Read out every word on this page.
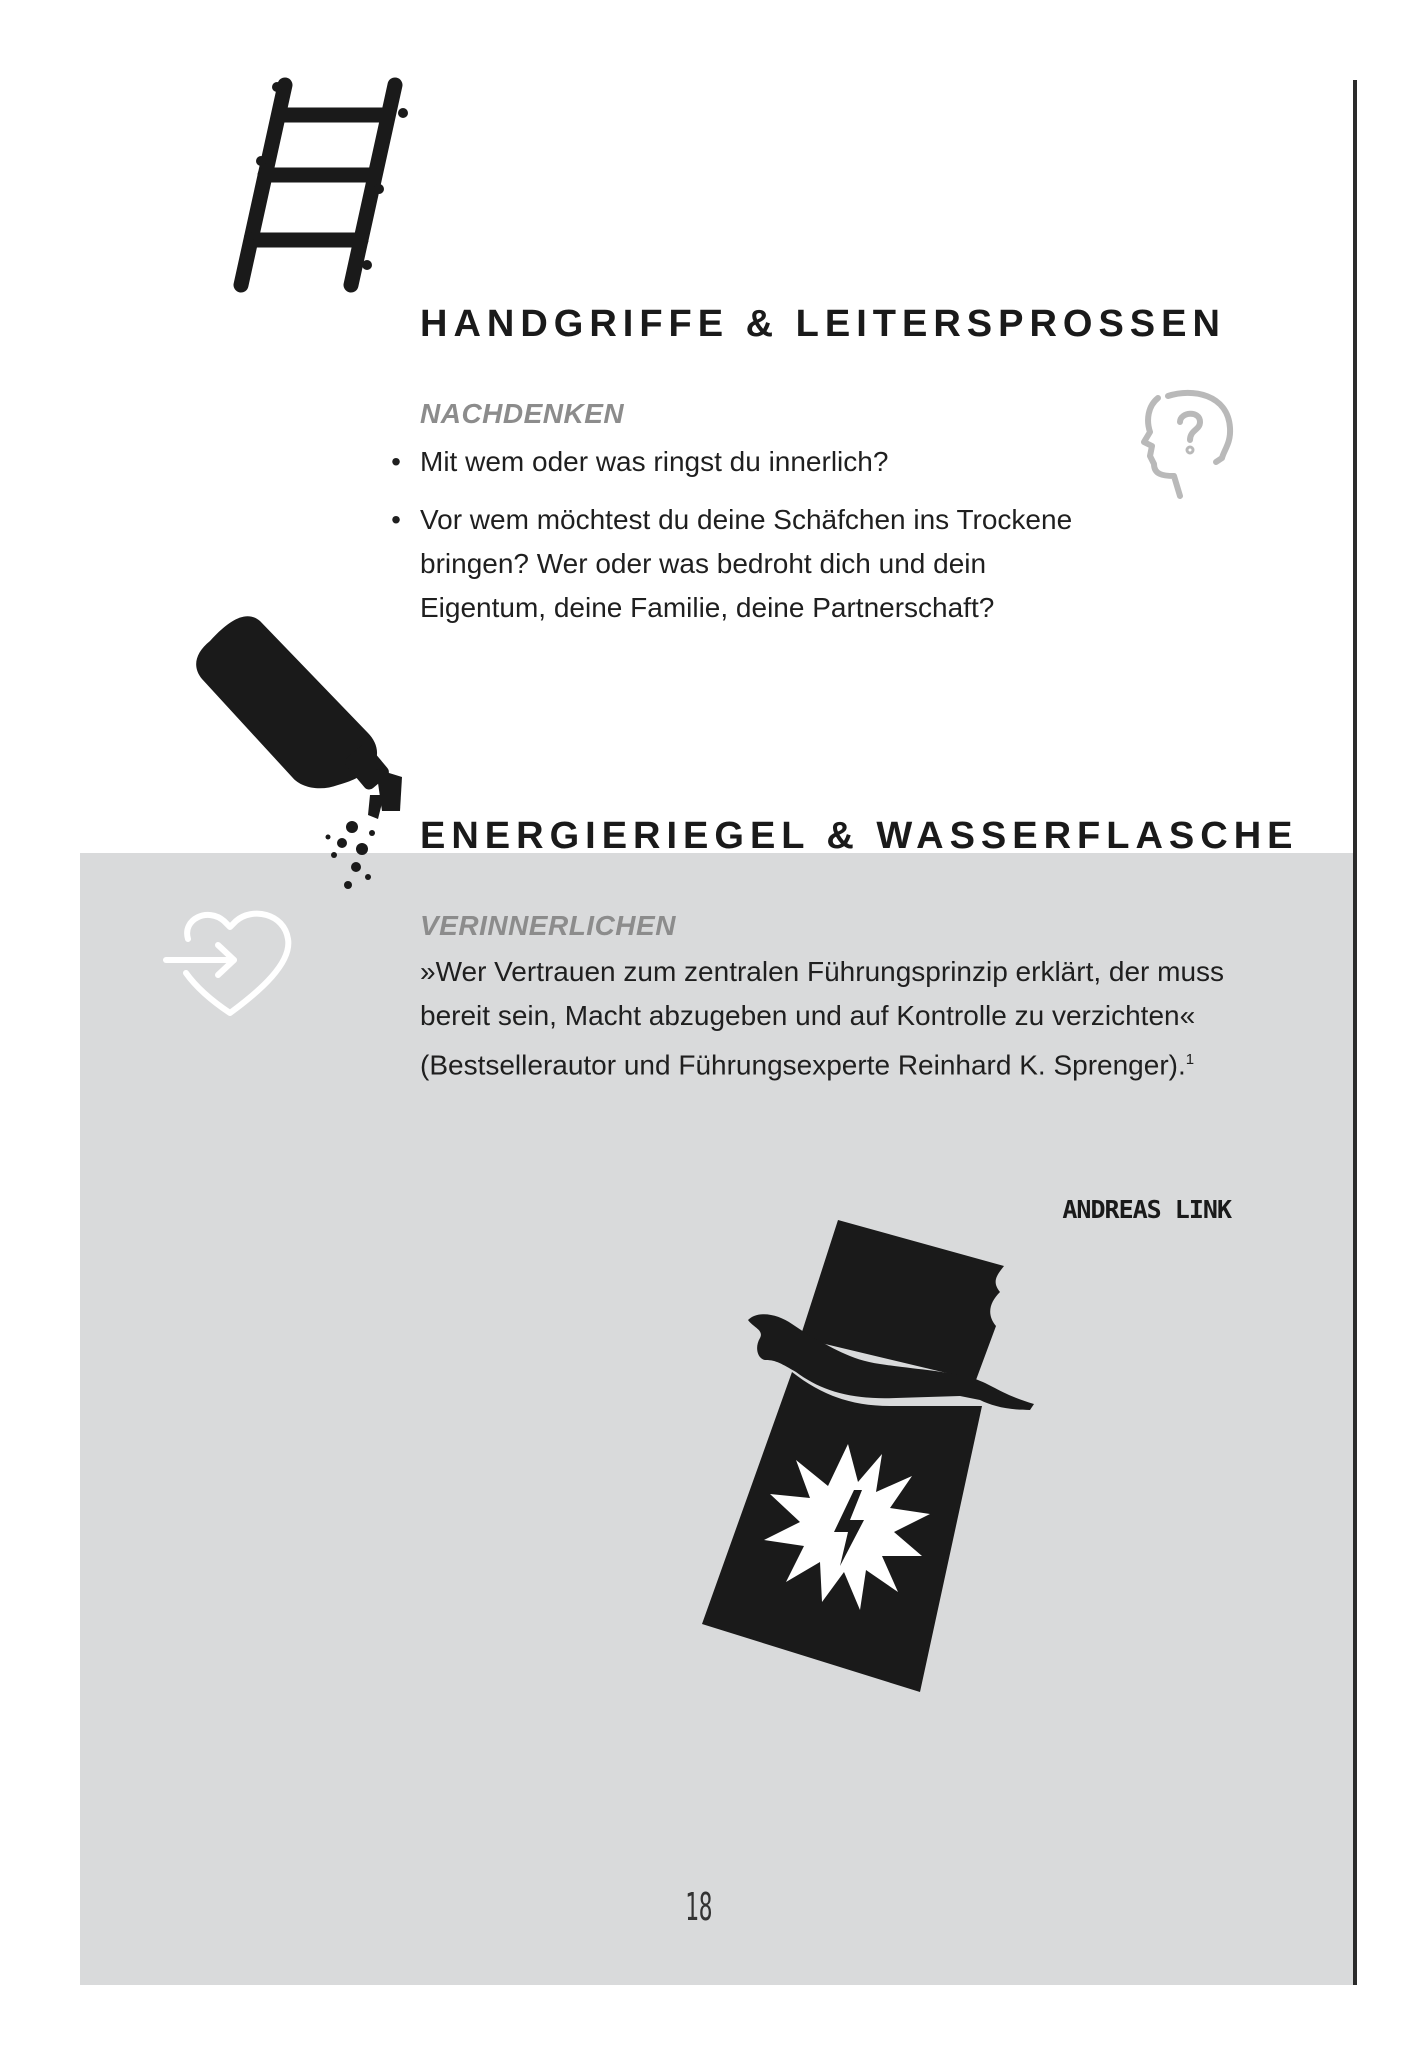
HANDGRIFFE & LEITERSPROSSEN
NACHDENKEN
• Mit wem oder was ringst du innerlich?
• Vor wem möchtest du deine Schäfchen ins Trockene bringen? Wer oder was bedroht dich und dein Eigentum, deine Familie, deine Partnerschaft?
ENERGIERIEGEL & WASSERFLASCHE
VERINNERLICHEN

»Wer Vertrauen zum zentralen Führungsprinzip erklärt, der muss bereit sein, Macht abzugeben und auf Kontrolle zu verzichten« (Bestsellerautor und Führungsexperte Reinhard K. Sprenger).$^1$

ANDREAS LINK
18
